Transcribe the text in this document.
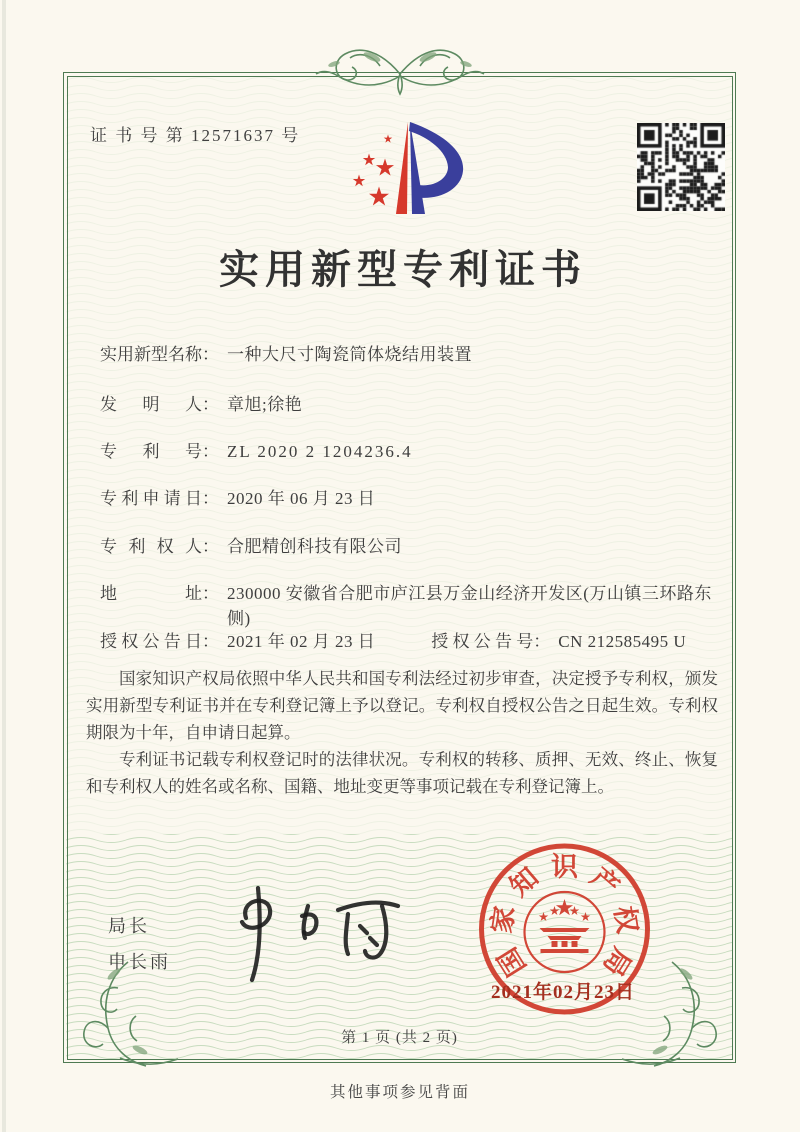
证 书 号 第 12571637 号
实用新型专利证书
实用新型名称 ： 一种大尺寸陶瓷筒体烧结用装置
发明人 ： 章旭;徐艳
专利号 ： ZL 2020 2 1204236.4
专利申请日 ： 2020 年 06 月 23 日
专利权人 ： 合肥精创科技有限公司
地址 ： 230000 安徽省合肥市庐江县万金山经济开发区(万山镇三环路东侧)
授权公告日 ： 2021 年 02 月 23 日	授权公告号 ： CN 212585495 U

国家知识产权局依照中华人民共和国专利法经过初步审查，决定授予专利权，颁发实用新型专利证书并在专利登记簿上予以登记。专利权自授权公告之日起生效。专利权期限为十年，自申请日起算。

专利证书记载专利权登记时的法律状况。专利权的转移、质押、无效、终止、恢复和专利权人的姓名或名称、国籍、地址变更等事项记载在专利登记簿上。

局长
申长雨	国
家
知 识 产
权
局
2021年02月23日
第 1 页 (共 2 页)
其他事项参见背面
